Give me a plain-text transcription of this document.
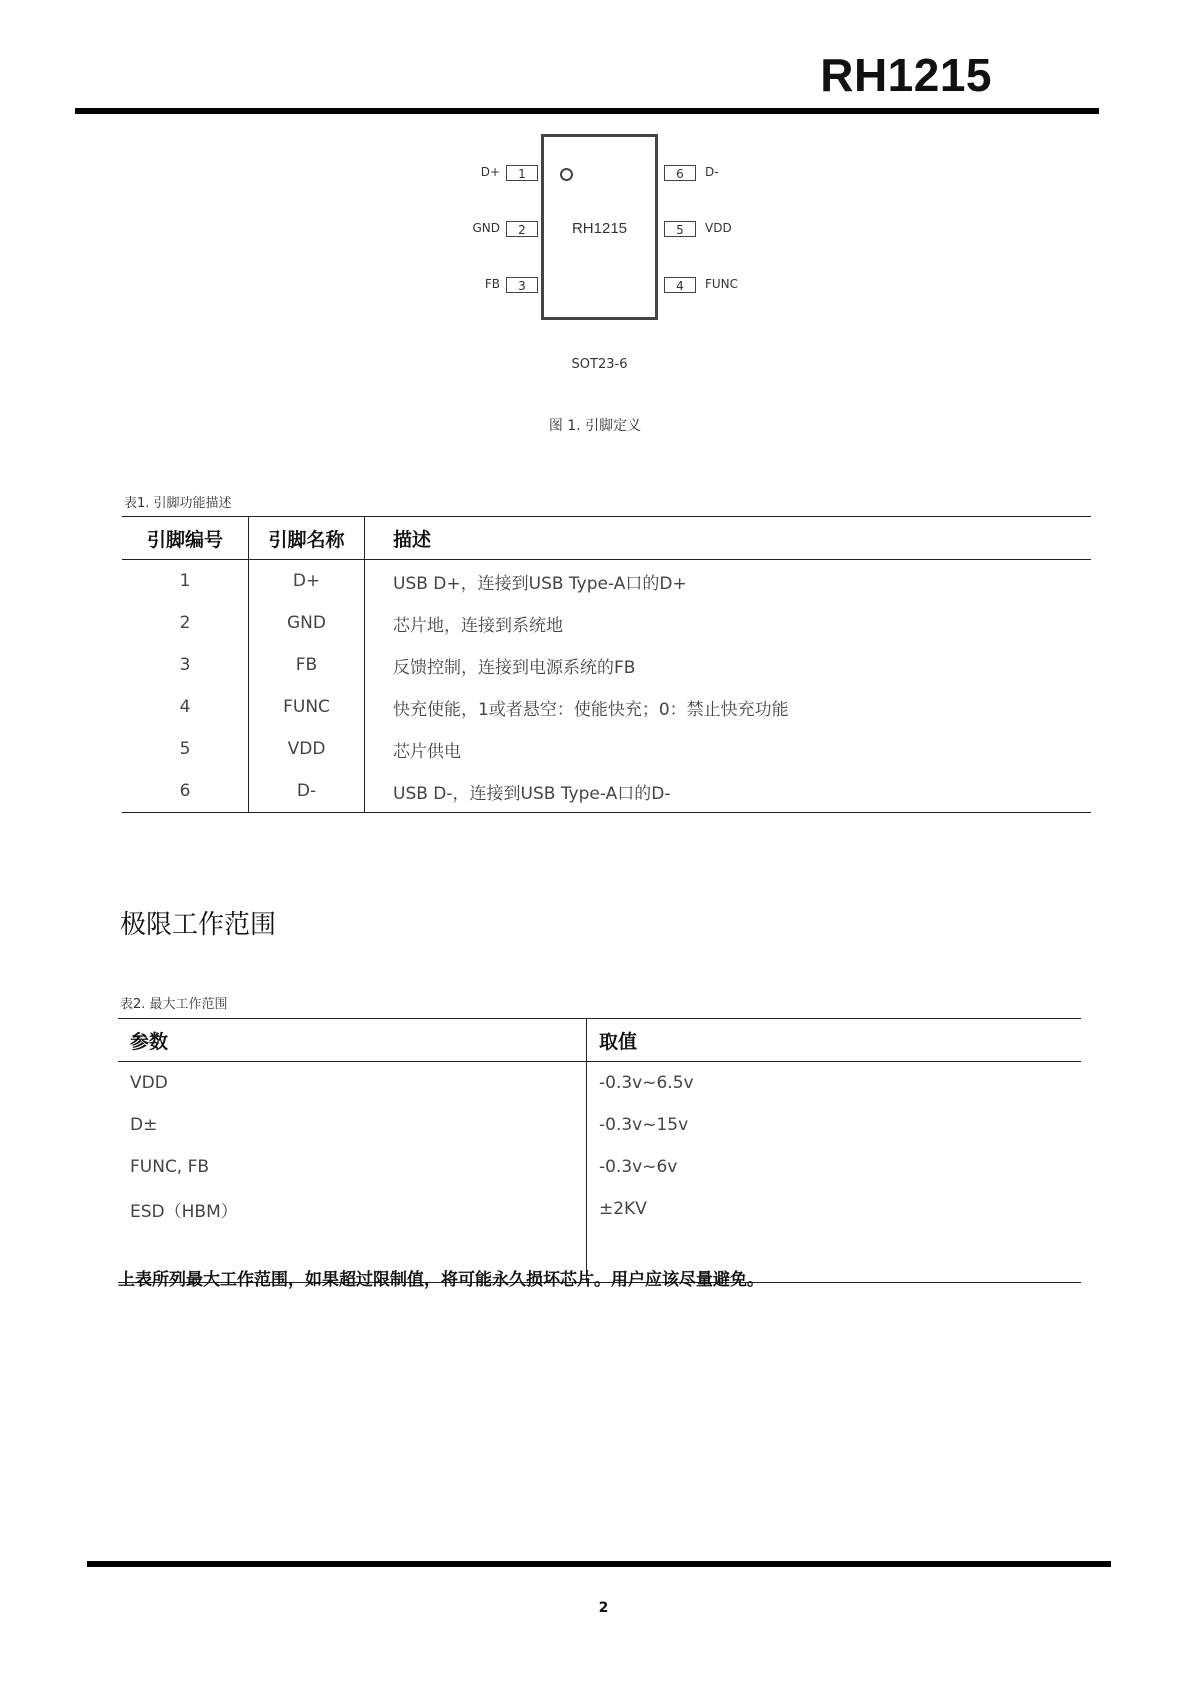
RH1215
RH1215
D+	1
GND	2
FB	3
6	D-
5	VDD
4	FUNC
SOT23-6
图 1. 引脚定义
表1. 引脚功能描述
引脚编号	引脚名称	描述
1	D+	USB D+，连接到USB Type-A口的D+
2	GND	芯片地，连接到系统地
3	FB	反馈控制，连接到电源系统的FB
4	FUNC	快充使能，1或者悬空：使能快充；0：禁止快充功能
5	VDD	芯片供电
6	D-	USB D-，连接到USB Type-A口的D-
极限工作范围
表2. 最大工作范围
参数	取值
VDD	-0.3v~6.5v
D±	-0.3v~15v
FUNC, FB	-0.3v~6v
ESD（HBM）	±2KV

上表所列最大工作范围，如果超过限制值，将可能永久损坏芯片。用户应该尽量避免。
2
